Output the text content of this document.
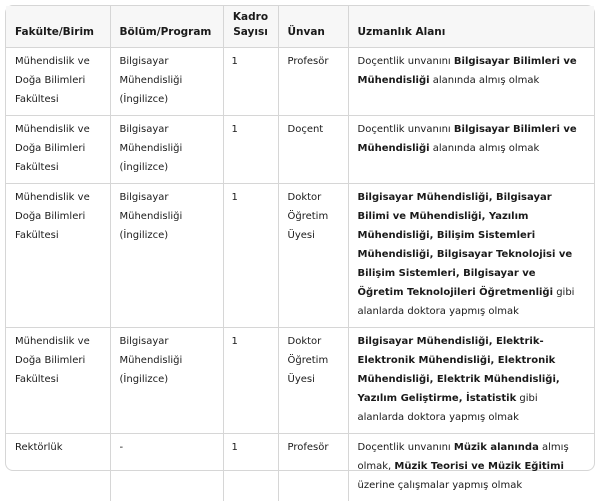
Fakülte/Birim	Bölüm/Program	Kadro Sayısı	Ünvan	Uzmanlık Alanı
Mühendislik ve Doğa Bilimleri Fakültesi	Bilgisayar Mühendisliği (İngilizce)	1	Profesör	Doçentlik unvanını Bilgisayar Bilimleri ve Mühendisliği alanında almış olmak
Mühendislik ve Doğa Bilimleri Fakültesi	Bilgisayar Mühendisliği (İngilizce)	1	Doçent	Doçentlik unvanını Bilgisayar Bilimleri ve Mühendisliği alanında almış olmak
Mühendislik ve Doğa Bilimleri Fakültesi	Bilgisayar Mühendisliği (İngilizce)	1	Doktor Öğretim Üyesi	Bilgisayar Mühendisliği, Bilgisayar Bilimi ve Mühendisliği, Yazılım Mühendisliği, Bilişim Sistemleri Mühendisliği, Bilgisayar Teknolojisi ve Bilişim Sistemleri, Bilgisayar ve Öğretim Teknolojileri Öğretmenliği gibi alanlarda doktora yapmış olmak
Mühendislik ve Doğa Bilimleri Fakültesi	Bilgisayar Mühendisliği (İngilizce)	1	Doktor Öğretim Üyesi	Bilgisayar Mühendisliği, Elektrik-Elektronik Mühendisliği, Elektronik Mühendisliği, Elektrik Mühendisliği, Yazılım Geliştirme, İstatistik gibi alanlarda doktora yapmış olmak
Rektörlük	-	1	Profesör	Doçentlik unvanını Müzik alanında almış olmak, Müzik Teorisi ve Müzik Eğitimi üzerine çalışmalar yapmış olmak
